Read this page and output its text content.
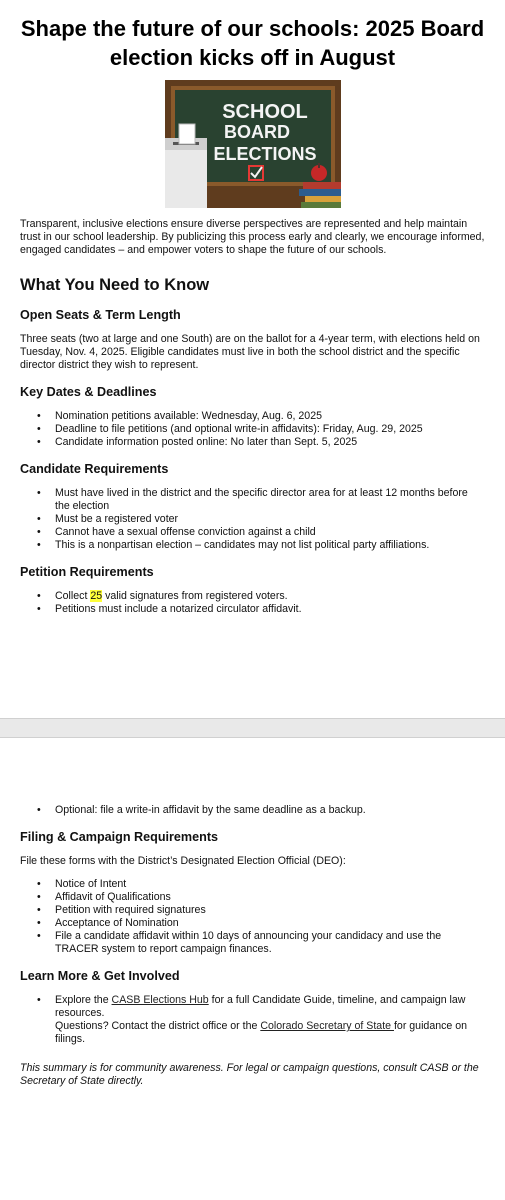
Shape the future of our schools: 2025 Board election kicks off in August
SCHOOL
BOARD
ELECTIONS

Transparent, inclusive elections ensure diverse perspectives are represented and help maintain trust in our school leadership. By publicizing this process early and clearly, we encourage informed, engaged candidates – and empower voters to shape the future of our schools.

What You Need to Know
Open Seats & Term Length

Three seats (two at large and one South) are on the ballot for a 4-year term, with elections held on Tuesday, Nov. 4, 2025. Eligible candidates must live in both the school district and the specific director district they wish to represent.

Key Dates & Deadlines
• Nomination petitions available: Wednesday, Aug. 6, 2025
• Deadline to file petitions (and optional write-in affidavits): Friday, Aug. 29, 2025
• Candidate information posted online: No later than Sept. 5, 2025
Candidate Requirements
• Must have lived in the district and the specific director area for at least 12 months before the election
• Must be a registered voter
• Cannot have a sexual offense conviction against a child
• This is a nonpartisan election – candidates may not list political party affiliations.
Petition Requirements
• Collect 25 valid signatures from registered voters.
• Petitions must include a notarized circulator affidavit.
• Optional: file a write-in affidavit by the same deadline as a backup.
Filing & Campaign Requirements

File these forms with the District’s Designated Election Official (DEO):

• Notice of Intent
• Affidavit of Qualifications
• Petition with required signatures
• Acceptance of Nomination
• File a candidate affidavit within 10 days of announcing your candidacy and use the TRACER system to report campaign finances.
Learn More & Get Involved
• Explore the CASB Elections Hub for a full Candidate Guide, timeline, and campaign law resources.
Questions? Contact the district office or the Colorado Secretary of State for guidance on filings.

This summary is for community awareness. For legal or campaign questions, consult CASB or the Secretary of State directly.
